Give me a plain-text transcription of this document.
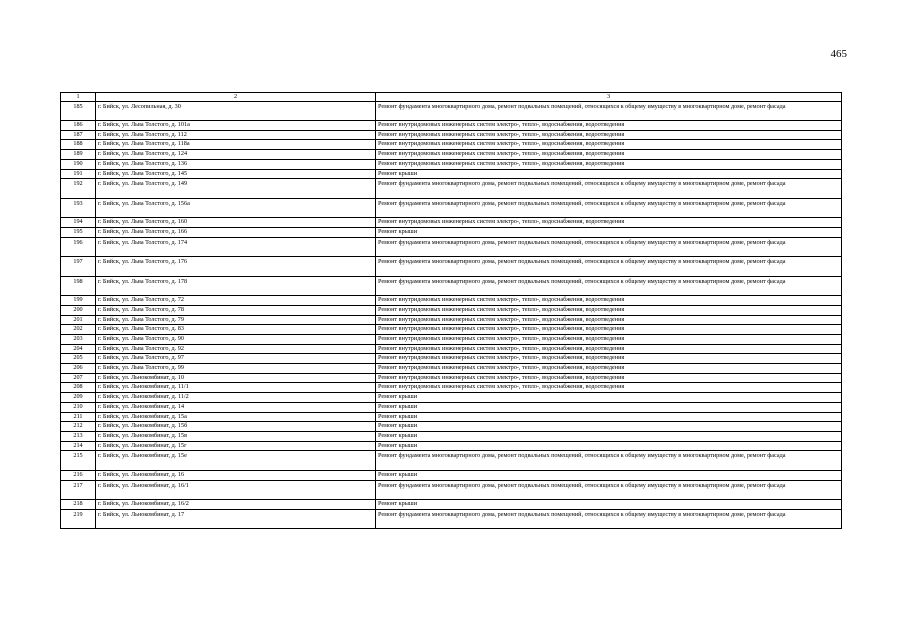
465
1	2	3
185	г. Бийск, ул. Лесопильная, д. 30	Ремонт фундамента многоквартирного дома, ремонт подвальных помещений, относящихся к общему имуществу в многоквартирном доме, ремонт фасада
186	г. Бийск, ул. Льва Толстого, д. 101а	Ремонт внутридомовых инженерных систем электро-, тепло-, водоснабжения, водоотведения
187	г. Бийск, ул. Льва Толстого, д. 112	Ремонт внутридомовых инженерных систем электро-, тепло-, водоснабжения, водоотведения
188	г. Бийск, ул. Льва Толстого, д. 118а	Ремонт внутридомовых инженерных систем электро-, тепло-, водоснабжения, водоотведения
189	г. Бийск, ул. Льва Толстого, д. 124	Ремонт внутридомовых инженерных систем электро-, тепло-, водоснабжения, водоотведения
190	г. Бийск, ул. Льва Толстого, д. 136	Ремонт внутридомовых инженерных систем электро-, тепло-, водоснабжения, водоотведения
191	г. Бийск, ул. Льва Толстого, д. 145	Ремонт крыши
192	г. Бийск, ул. Льва Толстого, д. 149	Ремонт фундамента многоквартирного дома, ремонт подвальных помещений, относящихся к общему имуществу в многоквартирном доме, ремонт фасада
193	г. Бийск, ул. Льва Толстого, д. 156а	Ремонт фундамента многоквартирного дома, ремонт подвальных помещений, относящихся к общему имуществу в многоквартирном доме, ремонт фасада
194	г. Бийск, ул. Льва Толстого, д. 160	Ремонт внутридомовых инженерных систем электро-, тепло-, водоснабжения, водоотведения
195	г. Бийск, ул. Льва Толстого, д. 166	Ремонт крыши
196	г. Бийск, ул. Льва Толстого, д. 174	Ремонт фундамента многоквартирного дома, ремонт подвальных помещений, относящихся к общему имуществу в многоквартирном доме, ремонт фасада
197	г. Бийск, ул. Льва Толстого, д. 176	Ремонт фундамента многоквартирного дома, ремонт подвальных помещений, относящихся к общему имуществу в многоквартирном доме, ремонт фасада
198	г. Бийск, ул. Льва Толстого, д. 178	Ремонт фундамента многоквартирного дома, ремонт подвальных помещений, относящихся к общему имуществу в многоквартирном доме, ремонт фасада
199	г. Бийск, ул. Льва Толстого, д. 72	Ремонт внутридомовых инженерных систем электро-, тепло-, водоснабжения, водоотведения
200	г. Бийск, ул. Льва Толстого, д. 78	Ремонт внутридомовых инженерных систем электро-, тепло-, водоснабжения, водоотведения
201	г. Бийск, ул. Льва Толстого, д. 79	Ремонт внутридомовых инженерных систем электро-, тепло-, водоснабжения, водоотведения
202	г. Бийск, ул. Льва Толстого, д. 83	Ремонт внутридомовых инженерных систем электро-, тепло-, водоснабжения, водоотведения
203	г. Бийск, ул. Льва Толстого, д. 90	Ремонт внутридомовых инженерных систем электро-, тепло-, водоснабжения, водоотведения
204	г. Бийск, ул. Льва Толстого, д. 92	Ремонт внутридомовых инженерных систем электро-, тепло-, водоснабжения, водоотведения
205	г. Бийск, ул. Льва Толстого, д. 97	Ремонт внутридомовых инженерных систем электро-, тепло-, водоснабжения, водоотведения
206	г. Бийск, ул. Льва Толстого, д. 99	Ремонт внутридомовых инженерных систем электро-, тепло-, водоснабжения, водоотведения
207	г. Бийск, ул. Льнокомбинат, д. 10	Ремонт внутридомовых инженерных систем электро-, тепло-, водоснабжения, водоотведения
208	г. Бийск, ул. Льнокомбинат, д. 11/1	Ремонт внутридомовых инженерных систем электро-, тепло-, водоснабжения, водоотведения
209	г. Бийск, ул. Льнокомбинат, д. 11/2	Ремонт крыши
210	г. Бийск, ул. Льнокомбинат, д. 14	Ремонт крыши
211	г. Бийск, ул. Льнокомбинат, д. 15а	Ремонт крыши
212	г. Бийск, ул. Льнокомбинат, д. 15б	Ремонт крыши
213	г. Бийск, ул. Льнокомбинат, д. 15в	Ремонт крыши
214	г. Бийск, ул. Льнокомбинат, д. 15г	Ремонт крыши
215	г. Бийск, ул. Льнокомбинат, д. 15е	Ремонт фундамента многоквартирного дома, ремонт подвальных помещений, относящихся к общему имуществу в многоквартирном доме, ремонт фасада
216	г. Бийск, ул. Льнокомбинат, д. 16	Ремонт крыши
217	г. Бийск, ул. Льнокомбинат, д. 16/1	Ремонт фундамента многоквартирного дома, ремонт подвальных помещений, относящихся к общему имуществу в многоквартирном доме, ремонт фасада
218	г. Бийск, ул. Льнокомбинат, д. 16/2	Ремонт крыши
219	г. Бийск, ул. Льнокомбинат, д. 17	Ремонт фундамента многоквартирного дома, ремонт подвальных помещений, относящихся к общему имуществу в многоквартирном доме, ремонт фасада
